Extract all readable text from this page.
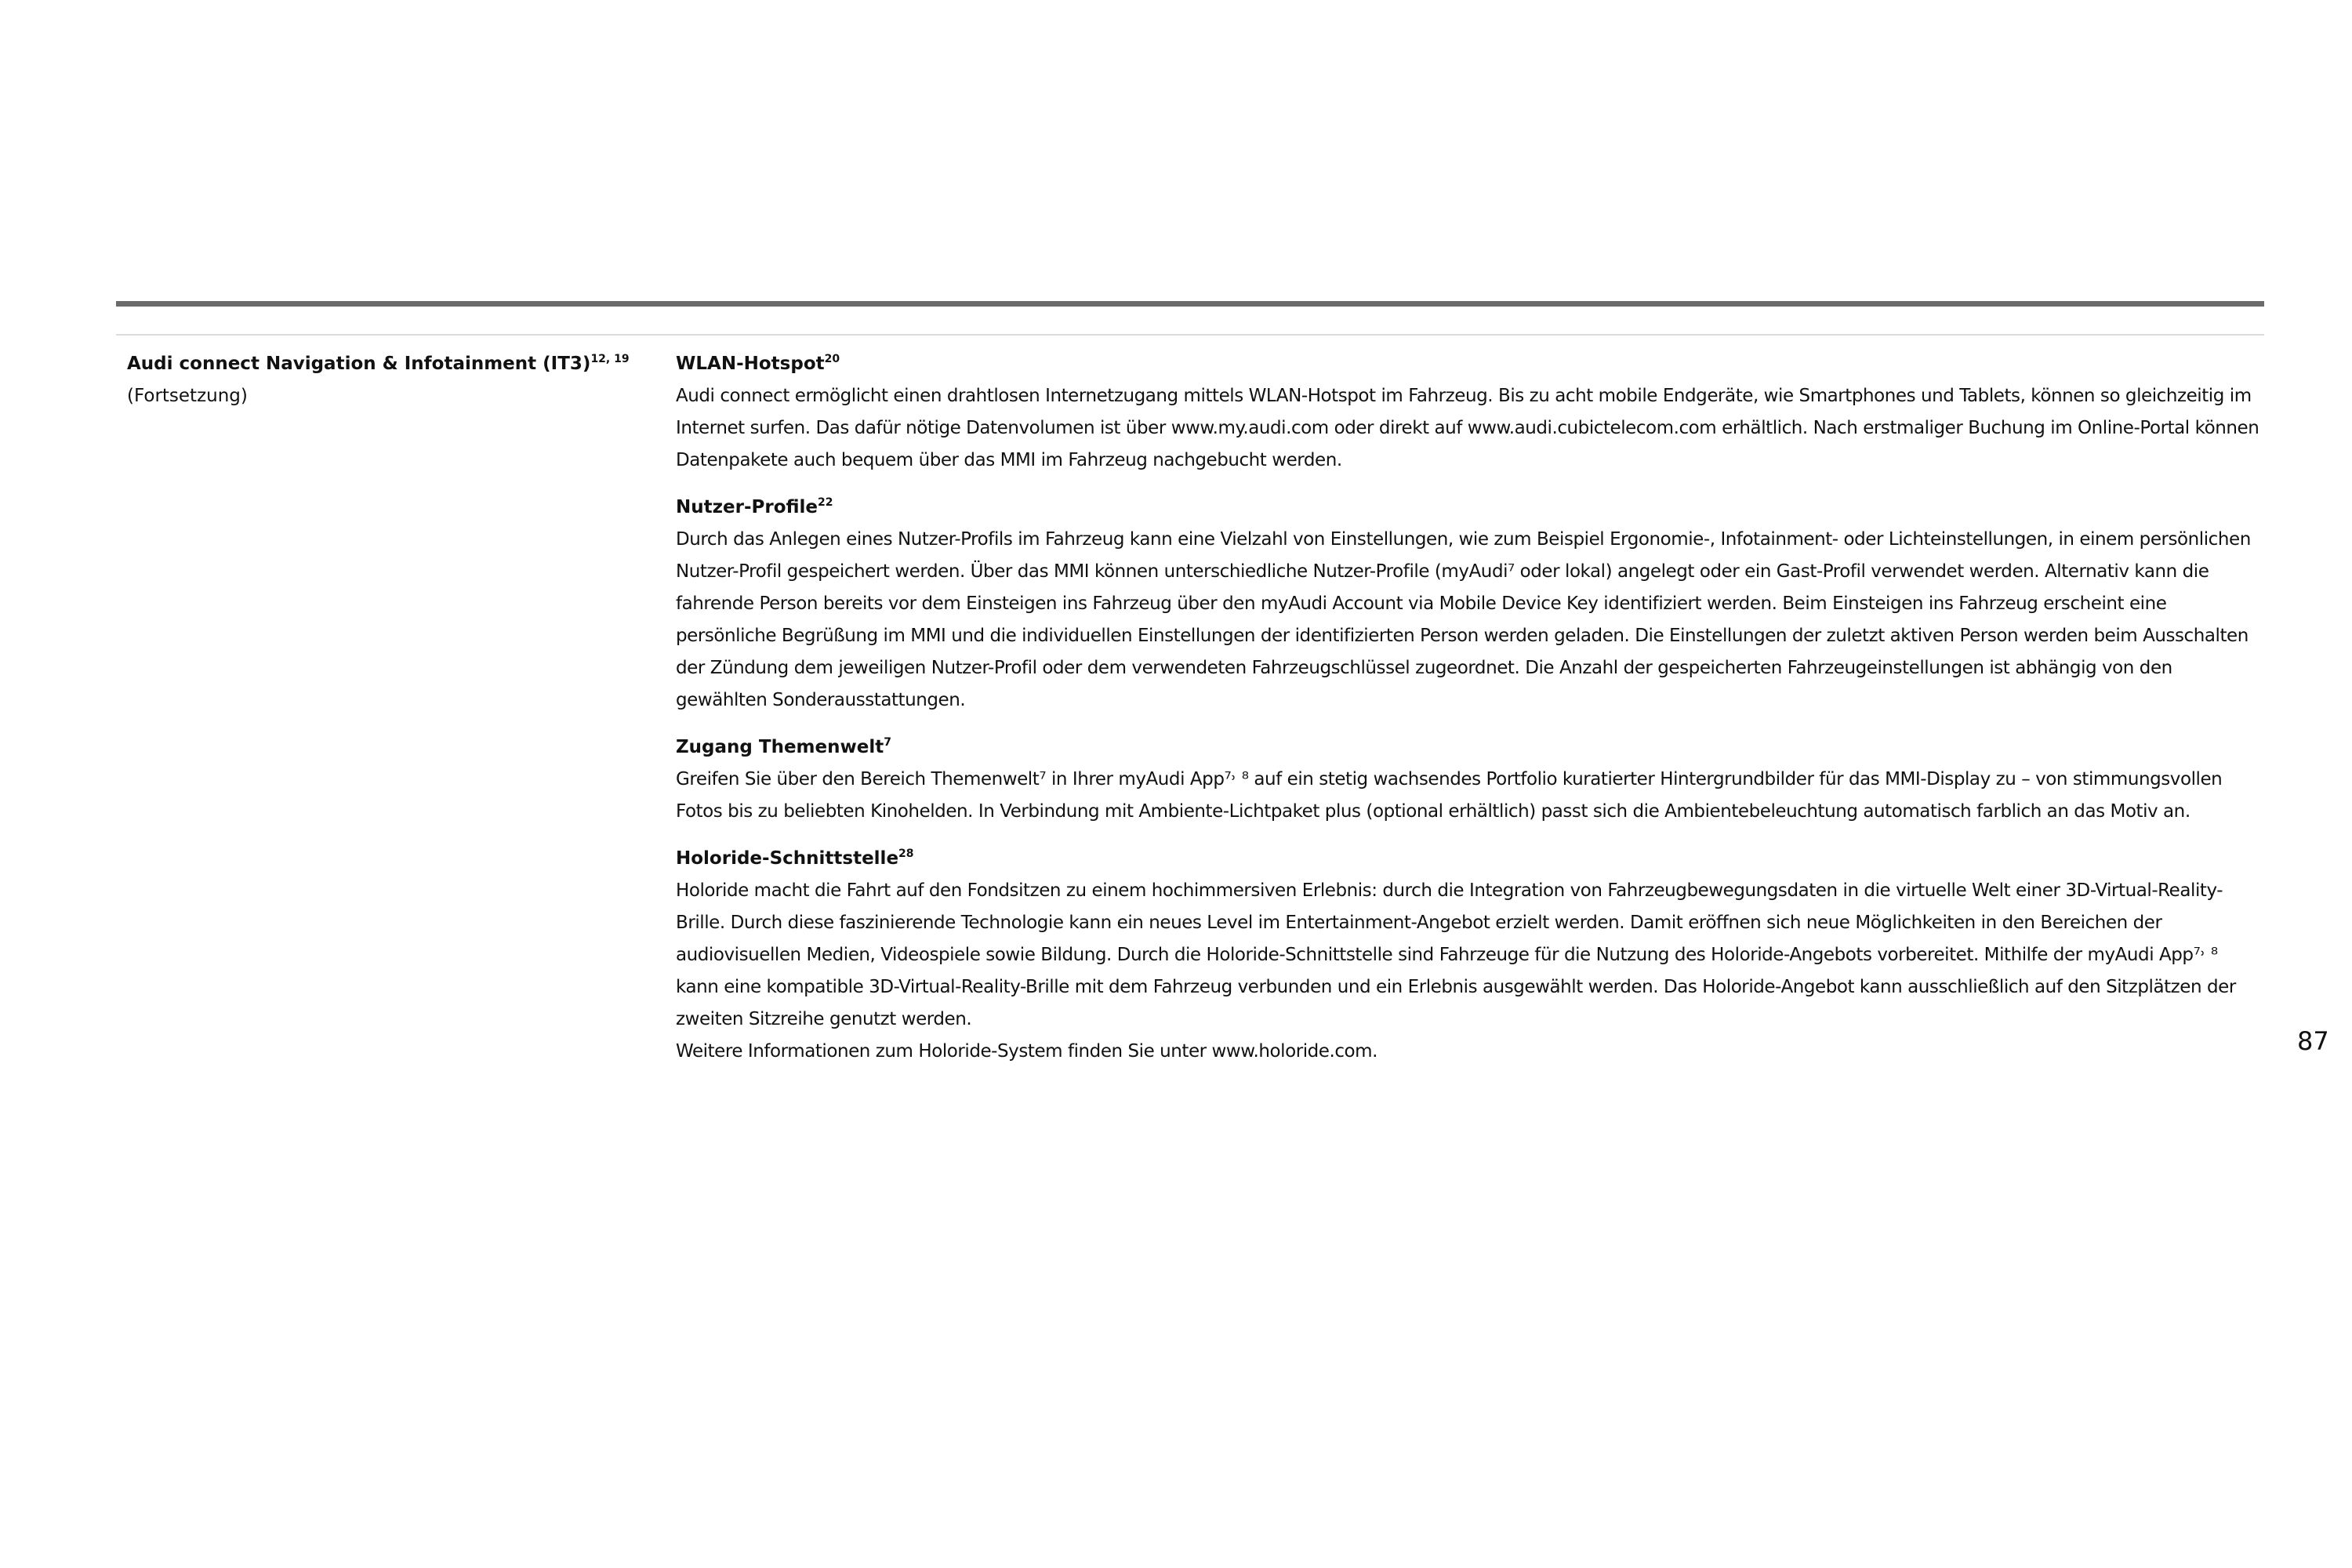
Audi connect Navigation & Infotainment $(IT3)^{12, 19}$
(Fortsetzung)
WLAN-Hotspot$^{20}$

Audi connect ermöglicht einen drahtlosen Internetzugang mittels WLAN-Hotspot im Fahrzeug. Bis zu acht mobile Endgeräte, wie Smartphones und Tablets, können so gleichzeitig im Internet surfen. Das dafür nötige Datenvolumen ist über www.my.audi.com oder direkt auf www.audi.cubictelecom.com erhältlich. Nach erstmaliger Buchung im Online-Portal können Datenpakete auch bequem über das MMI im Fahrzeug nachgebucht werden.

Nutzer-Profile$^{22}$

Durch das Anlegen eines Nutzer-Profils im Fahrzeug kann eine Vielzahl von Einstellungen, wie zum Beispiel Ergonomie-, Infotainment- oder Lichteinstellungen, in einem persönlichen Nutzer-Profil gespeichert werden. Über das MMI können unterschiedliche Nutzer-Profile (myAudi⁷ oder lokal) angelegt oder ein Gast-Profil verwendet werden. Alternativ kann die fahrende Person bereits vor dem Einsteigen ins Fahrzeug über den myAudi Account via Mobile Device Key identifiziert werden. Beim Einsteigen ins Fahrzeug erscheint eine persönliche Begrüßung im MMI und die individuellen Einstellungen der identifizierten Person werden geladen. Die Einstellungen der zuletzt aktiven Person werden beim Ausschalten der Zündung dem jeweiligen Nutzer-Profil oder dem verwendeten Fahrzeugschlüssel zugeordnet. Die Anzahl der gespeicherten Fahrzeugeinstellungen ist abhängig von den gewählten Sonderausstattungen.

Zugang Themenwelt$^7$

Greifen Sie über den Bereich Themenwelt⁷ in Ihrer myAudi App⁷˒ ⁸ auf ein stetig wachsendes Portfolio kuratierter Hintergrundbilder für das MMI-Display zu – von stimmungsvollen Fotos bis zu beliebten Kinohelden. In Verbindung mit Ambiente-Lichtpaket plus (optional erhältlich) passt sich die Ambientebeleuchtung automatisch farblich an das Motiv an.

Holoride-Schnittstelle$^{28}$

Holoride macht die Fahrt auf den Fondsitzen zu einem hochimmersiven Erlebnis: durch die Integration von Fahrzeugbewegungsdaten in die virtuelle Welt einer 3D-Virtual-Reality-Brille. Durch diese faszinierende Technologie kann ein neues Level im Entertainment-Angebot erzielt werden. Damit eröffnen sich neue Möglichkeiten in den Bereichen der audiovisuellen Medien, Videospiele sowie Bildung. Durch die Holoride-Schnittstelle sind Fahrzeuge für die Nutzung des Holoride-Angebots vorbereitet. Mithilfe der myAudi App⁷˒ ⁸ kann eine kompatible 3D-Virtual-Reality-Brille mit dem Fahrzeug verbunden und ein Erlebnis ausgewählt werden. Das Holoride-Angebot kann ausschließlich auf den Sitzplätzen der zweiten Sitzreihe genutzt werden.

Weitere Informationen zum Holoride-System finden Sie unter www.holoride.com.	87
